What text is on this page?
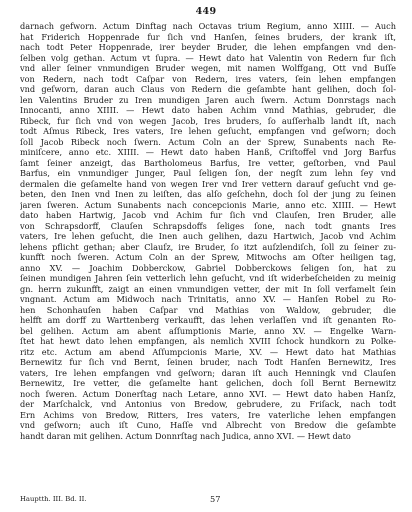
449
darnach gefworn. Actum Dinftag nach Octavas trium Regium, anno XIIII. — Auch
hat Friderich Hoppenrade fur ſich vnd Hanſen, ſeines bruders, der krank iſt,
nach todt Peter Hoppenrade, irer beyder Bruder, die lehen empfangen vnd den-
ſelben volg gethan. Actum vt ſupra. — Hewt dato hat Valentin von Redern fur ſich
vnd aller ſeiner vnmundigen Bruder wegen, mit namen Wolffgang, Ott vnd Buſſe
von Redern, nach todt Caſpar von Redern, ires vaters, ſein lehen empfangen
vnd geſworn, daran auch Claus von Redern die geſambte hant gelihen, doch ſol-
len Valentins Bruder zu Iren mundigen Jaren auch ſwern. Actum Donrstags nach
Innocanti, anno XIIII. — Hewt dato haben Achim vnnd Mathias, gebruder, die
Ribeck, fur ſich vnd von wegen Jacob, Ires bruders, ſo auſſerhalb landt iſt, nach
todt Aſmus Ribeck, Ires vaters, Ire lehen geſucht, empfangen vnd geſworn; doch
ſoll Jacob Ribeck noch ſwern. Actum Coln an der Sprew, Sunabents nach Re-
miniſcere, anno etc. XIIII. — Hewt dato haben Hanß, Criſtoffel vnd Jorg Barfus
ſamt ſeiner anzeigt, das Bartholomeus Barfus, Ire vetter, geſtorben, vnd Paul
Barfus, ein vnmundiger Junger, Paul ſeligen ſon, der negſt zum lehn ſey vnd
dermalen die geſamelte hand von wegen Irer vnd Irer vettern darauf geſucht vnd ge-
beten, den Inen vnd Inen zu leiſten, das alſo geſchehn, doch ſol der jung zu ſeinen
jaren ſweren. Actum Sunabents nach concepcionis Marie, anno etc. XIIII. — Hewt
dato haben Hartwig, Jacob vnd Achim fur ſich vnd Clauſen, Iren Bruder, alle
von Schrapsdorff, Clauſen Schrapsdoffs ſeliges ſone, nach todt gnants Ires
vaters, Ire lehen geſucht, die Inen auch gelihen, dazu Hartwich, Jacob vnd Achim
lehens pflicht gethan; aber Clauſz, ire Bruder, ſo itzt auſzlendiſch, ſoll zu ſeiner zu-
kunfft noch ſweren. Actum Coln an der Sprew, Mitwochs am Oſter heiligen tag,
anno XV. — Joachim Dobberckow, Gabriel Dobberckows ſeligen ſon, hat zu
ſeinen mundigen Jahren ſein vetterlich lehn geſucht, vnd iſt widerbeſcheiden zu meinig
gn. herrn zukunfft, zaigt an einen vnmundigen vetter, der mit In ſoll verfamelt ſein
vngnant. Actum am Midwoch nach Trinitatis, anno XV. — Hanſen Robel zu Ro-
hen Schonhauſen haben Caſpar vnd Mathias von Waldow, gebruder, die
helfft am dorff zu Warttenberg verkaufft, das lehen verlaſſen vnd iſt genanten Ro-
bel gelihen. Actum am abent aſſumptionis Marie, anno XV. — Engelke Warn-
ſtet hat hewt dato lehen empfangen, als nemlich XVIII ſchock hundkorn zu Polke-
ritz etc. Actum am abend Aſſumpcionis Marie, XV. — Hewt dato hat Mathias
Bernewitz fur ſich vnd Bernt, ſeinen bruder, nach Todt Hanſen Bernewitz, Ires
vaters, Ire lehen empfangen vnd geſworn; daran iſt auch Henningk vnd Clauſen
Bernewitz, Ire vetter, die geſamelte hant gelichen, doch ſoll Bernt Bernewitz
noch ſweren. Actum Donerſtag nach Letare, anno XVI. — Hewt dato haben Hanſz,
der Marſchalck, vnd Antonius von Bredow, gebrudere, zu Friſack, nach todt
Ern Achims von Bredow, Ritters, Ires vaters, Ire vaterliche lehen empfangen
vnd geſworn; auch iſt Cuno, Haſſe vnd Albrecht von Bredow die geſambte
handt daran mit gelihen. Actum Donnrſtag nach Judica, anno XVI. — Hewt dato
Hauptth. III. Bd. II.	57
